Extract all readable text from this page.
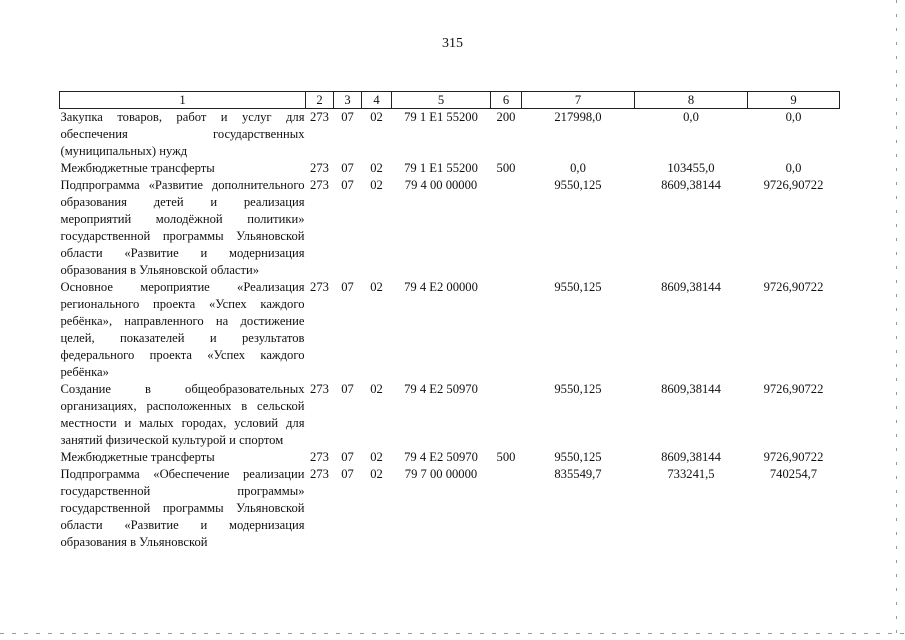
315
1	2	3	4	5	6	7	8	9
Закупка товаров, работ и услуг для обеспечения государственных (муниципальных) нужд	273	07	02	79 1 E1 55200	200	217998,0	0,0	0,0
Межбюджетные трансферты	273	07	02	79 1 E1 55200	500	0,0	103455,0	0,0
Подпрограмма «Развитие дополнительного образования детей и реализация мероприятий молодёжной политики» государственной программы Ульяновской области «Развитие и модернизация образования в Ульяновской области»	273	07	02	79 4 00 00000		9550,125	8609,38144	9726,90722
Основное мероприятие «Реализация регионального проекта «Успех каждого ребёнка», направленного на достижение целей, показателей и результатов федерального проекта «Успех каждого ребёнка»	273	07	02	79 4 E2 00000		9550,125	8609,38144	9726,90722
Создание в общеобразовательных организациях, расположенных в сельской местности и малых городах, условий для занятий физической культурой и спортом	273	07	02	79 4 E2 50970		9550,125	8609,38144	9726,90722
Межбюджетные трансферты	273	07	02	79 4 E2 50970	500	9550,125	8609,38144	9726,90722
Подпрограмма «Обеспечение реализации государственной программы» государственной программы Ульяновской области «Развитие и модернизация образования в Ульяновской	273	07	02	79 7 00 00000		835549,7	733241,5	740254,7
